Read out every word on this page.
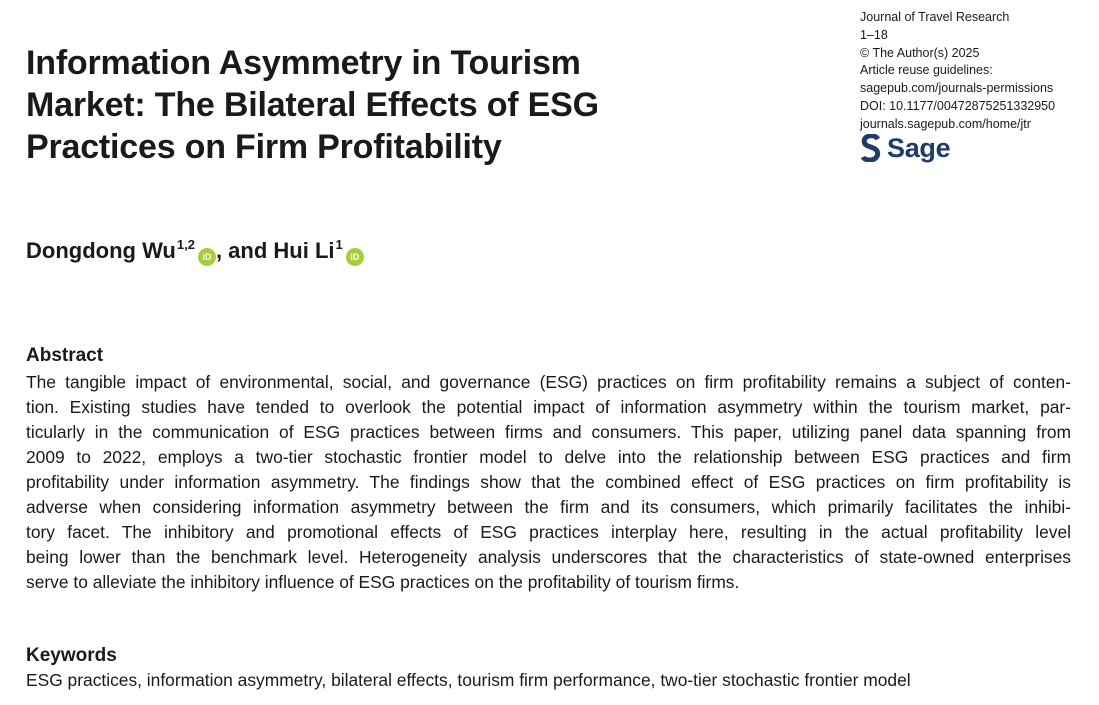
Information Asymmetry in Tourism
Market: The Bilateral Effects of ESG
Practices on Firm Profitability
Journal of Travel Research
1–18
© The Author(s) 2025
Article reuse guidelines:
sagepub.com/journals-permissions
DOI: 10.1177/00472875251332950
journals.sagepub.com/home/jtr
Sage
Dongdong Wu$^{1,2}$
iD , and Hui Li$^1$
iD
Abstract
The tangible impact of environmental, social, and governance (ESG) practices on firm profitability remains a subject of conten-
tion. Existing studies have tended to overlook the potential impact of information asymmetry within the tourism market, par-
ticularly in the communication of ESG practices between firms and consumers. This paper, utilizing panel data spanning from
2009 to 2022, employs a two-tier stochastic frontier model to delve into the relationship between ESG practices and firm
profitability under information asymmetry. The findings show that the combined effect of ESG practices on firm profitability is
adverse when considering information asymmetry between the firm and its consumers, which primarily facilitates the inhibi-
tory facet. The inhibitory and promotional effects of ESG practices interplay here, resulting in the actual profitability level
being lower than the benchmark level. Heterogeneity analysis underscores that the characteristics of state-owned enterprises
serve to alleviate the inhibitory influence of ESG practices on the profitability of tourism firms.
Keywords
ESG practices, information asymmetry, bilateral effects, tourism firm performance, two-tier stochastic frontier model
